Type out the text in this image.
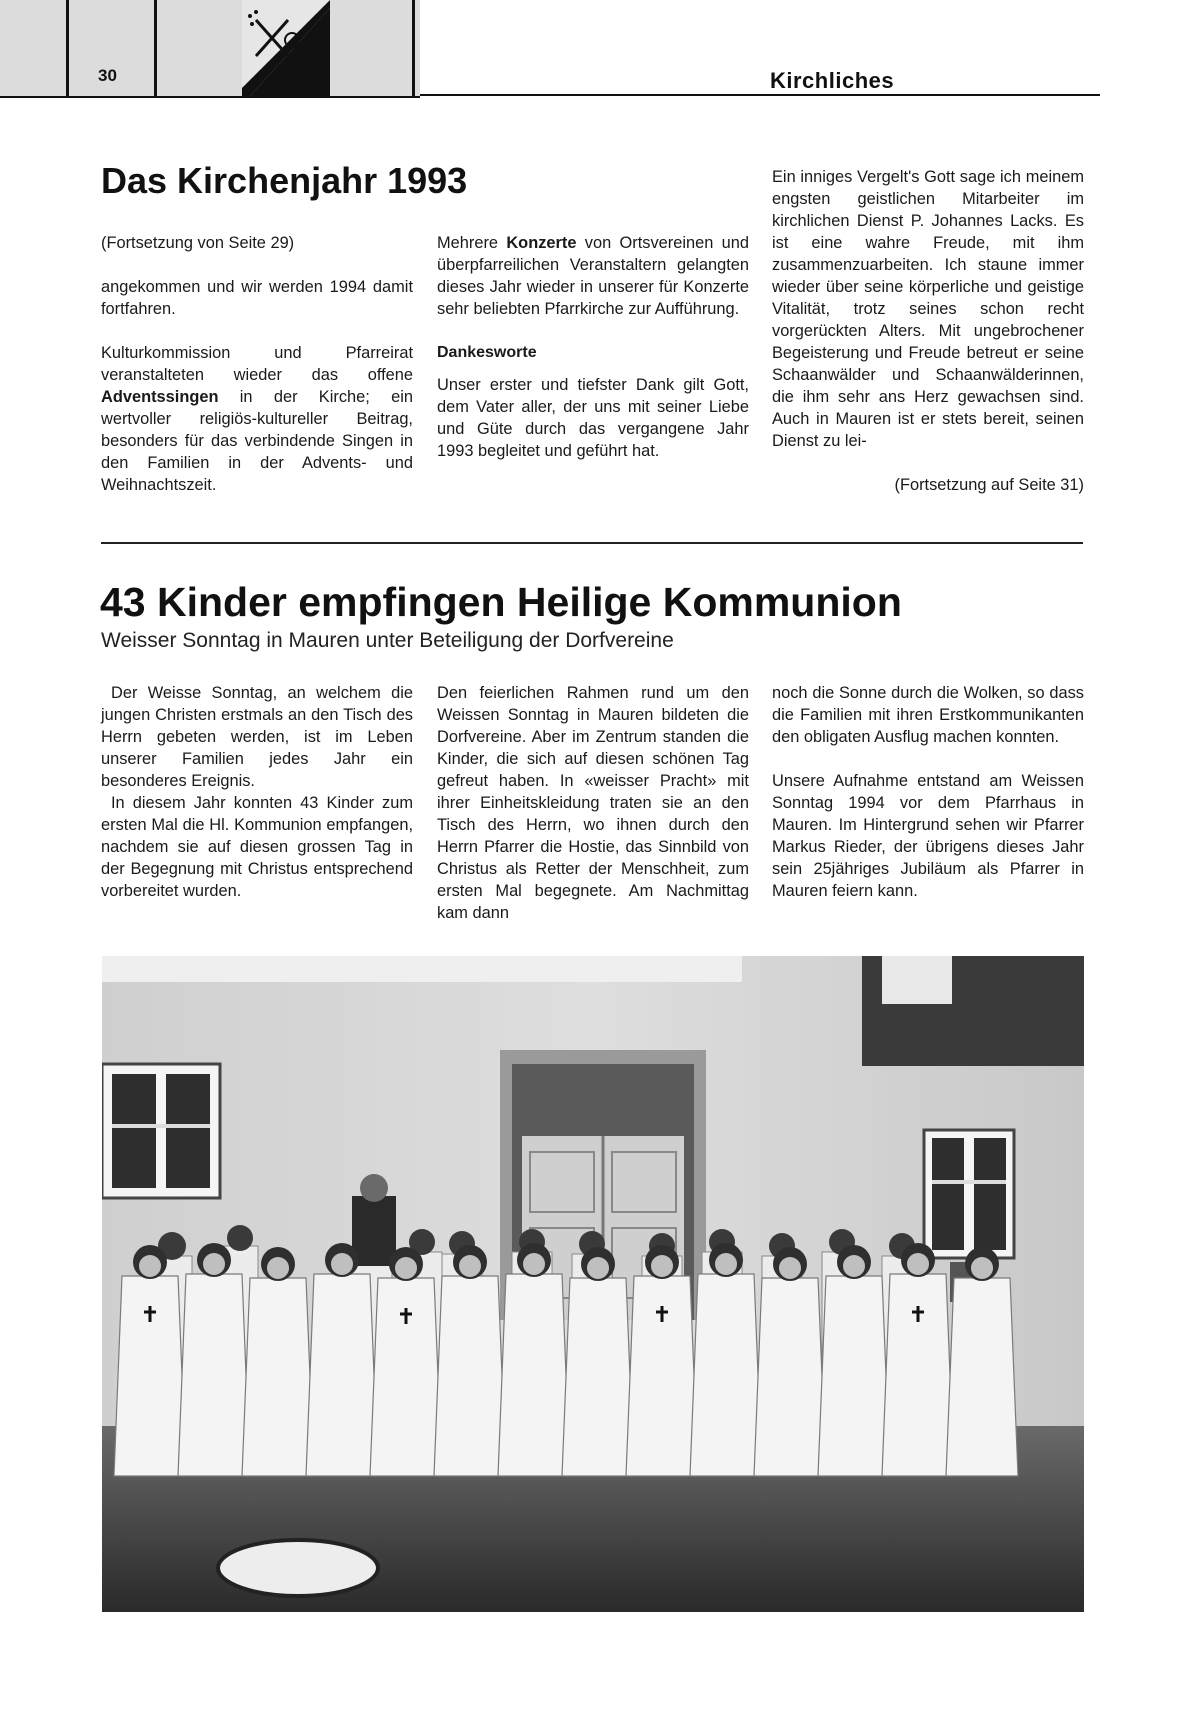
30	Kirchliches
Das Kirchenjahr 1993

(Fortsetzung von Seite 29)

angekommen und wir werden 1994 damit fortfahren.

Kulturkommission und Pfarreirat veranstalteten wieder das offene Adventssingen in der Kirche; ein wertvoller religiös-kultureller Beitrag, besonders für das verbindende Singen in den Familien in der Advents- und Weihnachtszeit.

Mehrere Konzerte von Ortsvereinen und überpfarreilichen Veranstaltern gelangten dieses Jahr wieder in unserer für Konzerte sehr beliebten Pfarrkirche zur Aufführung.

Dankesworte

Unser erster und tiefster Dank gilt Gott, dem Vater aller, der uns mit seiner Liebe und Güte durch das vergangene Jahr 1993 begleitet und geführt hat.

Ein inniges Vergelt's Gott sage ich meinem engsten geistlichen Mitarbeiter im kirchlichen Dienst P. Johannes Lacks. Es ist eine wahre Freude, mit ihm zusammenzuarbeiten. Ich staune immer wieder über seine körperliche und geistige Vitalität, trotz seines schon recht vorgerückten Alters. Mit ungebrochener Begeisterung und Freude betreut er seine Schaanwälder und Schaanwälderinnen, die ihm sehr ans Herz gewachsen sind. Auch in Mauren ist er stets bereit, seinen Dienst zu lei-

(Fortsetzung auf Seite 31)

43 Kinder empfingen Heilige Kommunion
Weisser Sonntag in Mauren unter Beteiligung der Dorfvereine

Der Weisse Sonntag, an welchem die jungen Christen erstmals an den Tisch des Herrn gebeten werden, ist im Leben unserer Familien jedes Jahr ein besonderes Ereignis.

In diesem Jahr konnten 43 Kinder zum ersten Mal die Hl. Kommunion empfangen, nachdem sie auf diesen grossen Tag in der Begegnung mit Christus entsprechend vorbereitet wurden.

Den feierlichen Rahmen rund um den Weissen Sonntag in Mauren bildeten die Dorfvereine. Aber im Zentrum standen die Kinder, die sich auf diesen schönen Tag gefreut haben. In «weisser Pracht» mit ihrer Einheitskleidung traten sie an den Tisch des Herrn, wo ihnen durch den Herrn Pfarrer die Hostie, das Sinnbild von Christus als Retter der Menschheit, zum ersten Mal begegnete. Am Nachmittag kam dann

noch die Sonne durch die Wolken, so dass die Familien mit ihren Erstkommunikanten den obligaten Ausflug machen konnten.

Unsere Aufnahme entstand am Weissen Sonntag 1994 vor dem Pfarrhaus in Mauren. Im Hintergrund sehen wir Pfarrer Markus Rieder, der übrigens dieses Jahr sein 25jähriges Jubiläum als Pfarrer in Mauren feiern kann.
